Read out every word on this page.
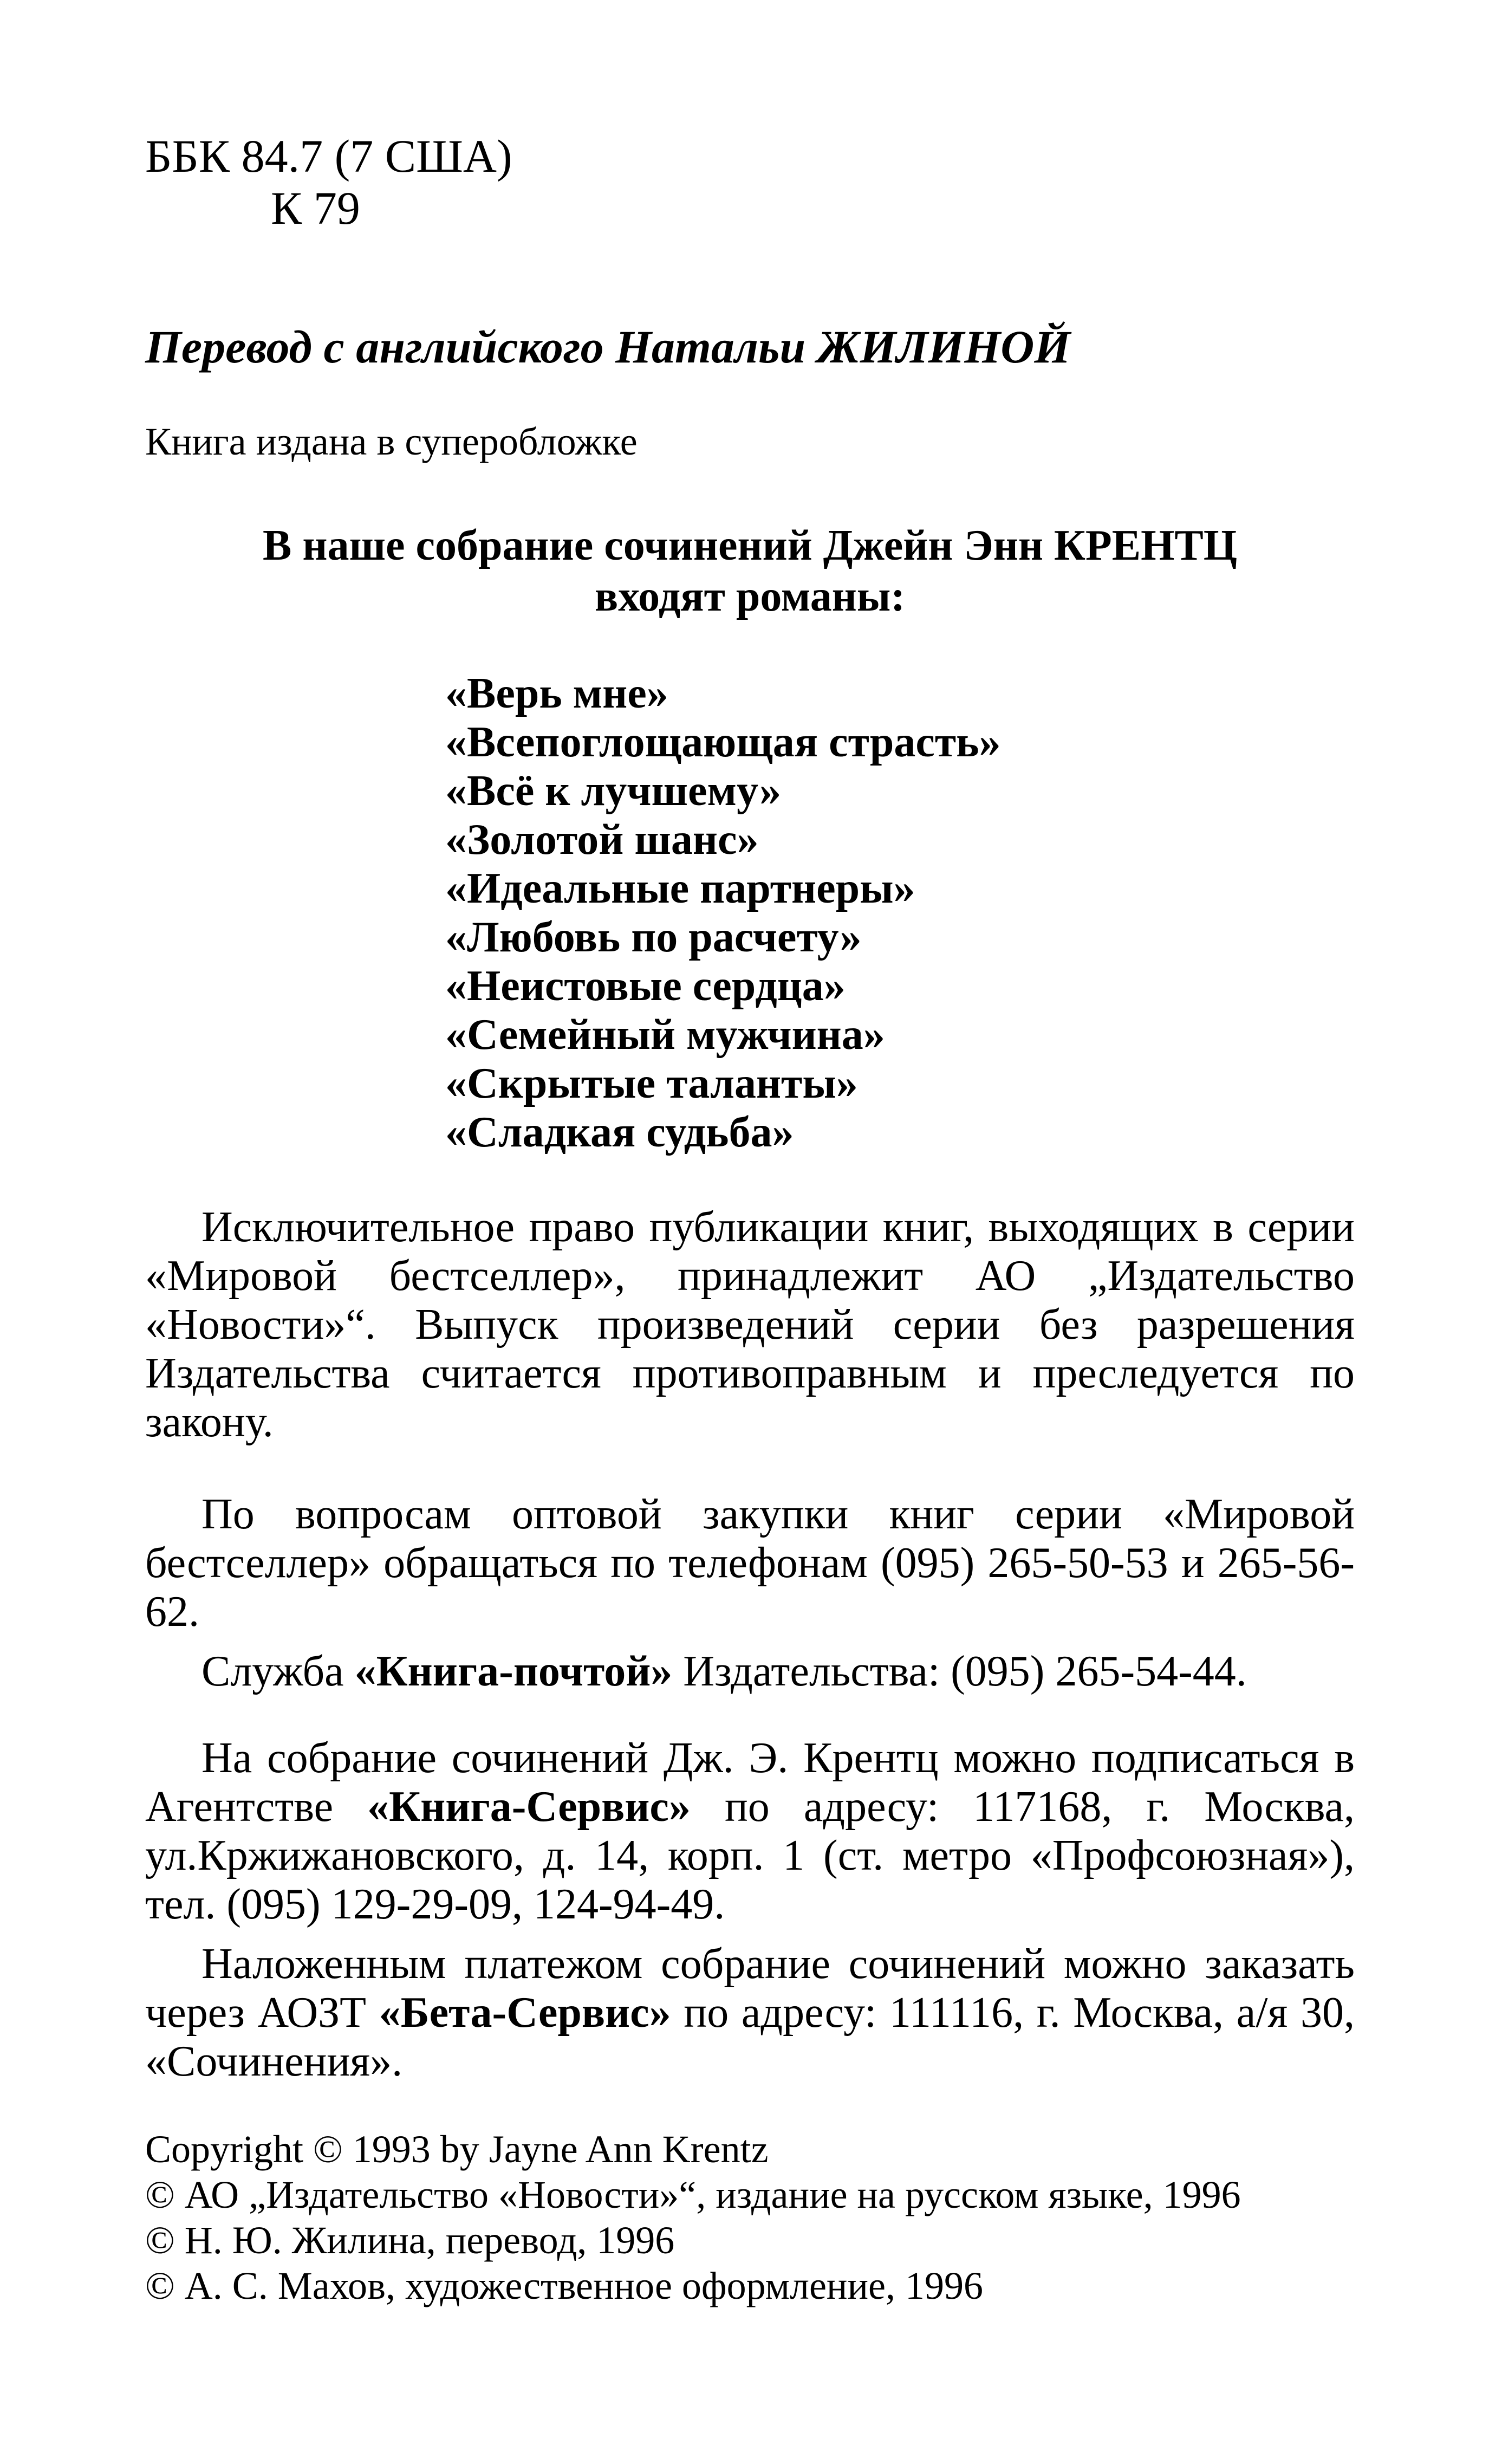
ББК 84.7 (7 США)
К 79
Перевод с английского Натальи ЖИЛИНОЙ
Книга издана в суперобложке
В наше собрание сочинений Джейн Энн КРЕНТЦ
входят романы:
«Верь мне»
«Всепоглощающая страсть»
«Всё к лучшему»
«Золотой шанс»
«Идеальные партнеры»
«Любовь по расчету»
«Неистовые сердца»
«Семейный мужчина»
«Скрытые таланты»
«Сладкая судьба»
Исключительное право публикации книг, выходящих в серии «Мировой бестселлер», принадлежит АО „Издательство «Новости»“. Выпуск произведений серии без разрешения Издательства считается противоправным и преследуется по закону.
По вопросам оптовой закупки книг серии «Мировой бестселлер» обращаться по телефонам (095) 265-50-53 и 265-56-62.
Служба «Книга-почтой» Издательства: (095) 265-54-44.
На собрание сочинений Дж. Э. Крентц можно подписаться в Агентстве «Книга-Сервис» по адресу: 117168, г. Москва, ул.Кржижановского, д. 14, корп. 1 (ст. метро «Профсоюзная»), тел. (095) 129-29-09, 124-94-49.
Наложенным платежом собрание сочинений можно заказать через АОЗТ «Бета-Сервис» по адресу: 111116, г. Москва, а/я 30, «Сочинения».
Copyright © 1993 by Jayne Ann Krentz
© АО „Издательство «Новости»“, издание на русском языке, 1996
© Н. Ю. Жилина, перевод, 1996
© А. С. Махов, художественное оформление, 1996
